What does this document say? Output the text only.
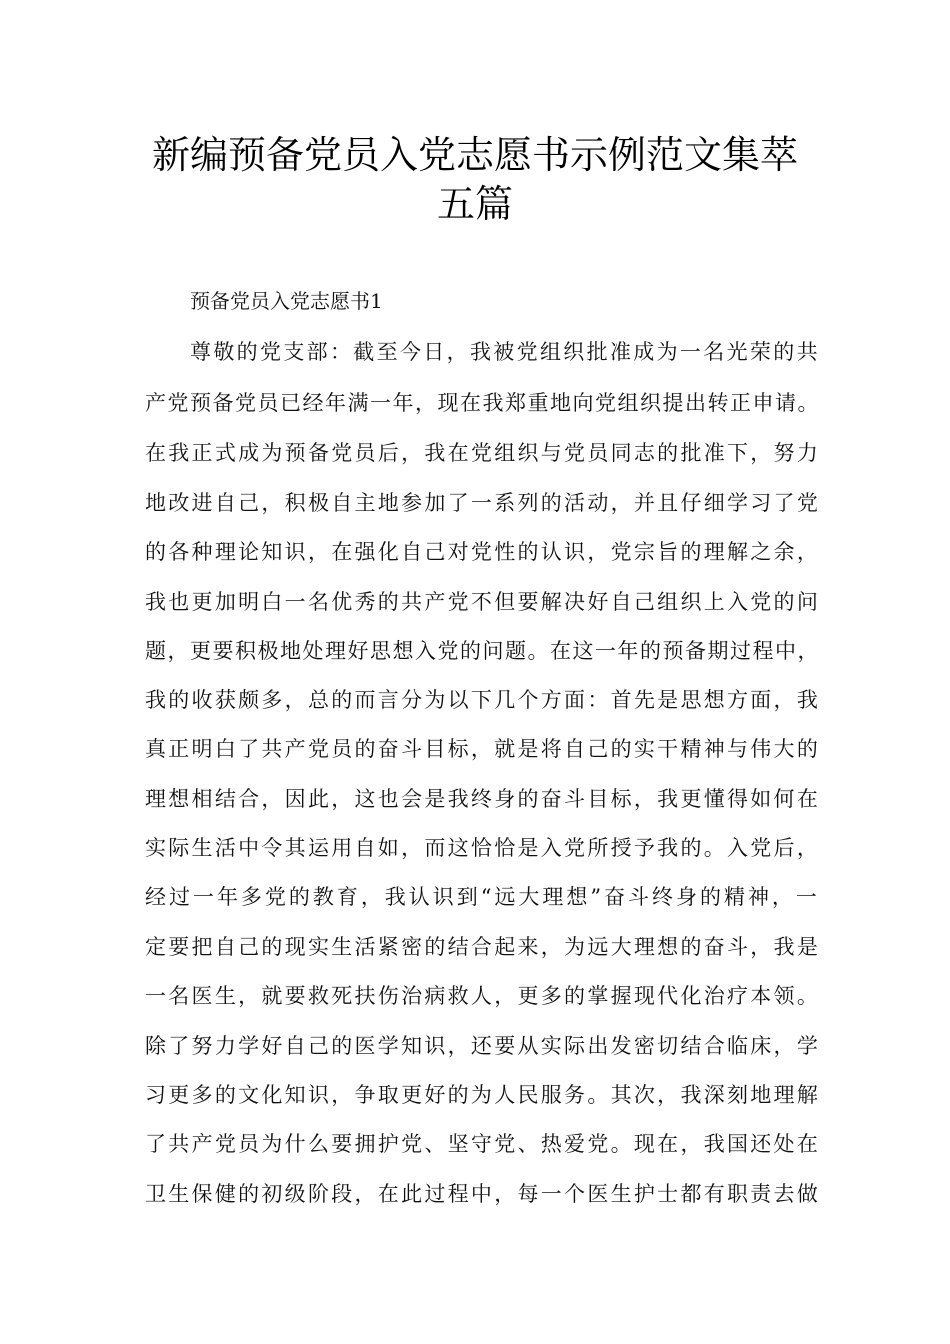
新编预备党员入党志愿书示例范文集萃
五篇

预备党员入党志愿书1

尊敬的党支部：截至今日，我被党组织批准成为一名光荣的共

产党预备党员已经年满一年，现在我郑重地向党组织提出转正申请。

在我正式成为预备党员后，我在党组织与党员同志的批准下，努力

地改进自己，积极自主地参加了一系列的活动，并且仔细学习了党

的各种理论知识，在强化自己对党性的认识，党宗旨的理解之余，

我也更加明白一名优秀的共产党不但要解决好自己组织上入党的问

题，更要积极地处理好思想入党的问题。在这一年的预备期过程中，

我的收获颇多，总的而言分为以下几个方面：首先是思想方面，我

真正明白了共产党员的奋斗目标，就是将自己的实干精神与伟大的

理想相结合，因此，这也会是我终身的奋斗目标，我更懂得如何在

实际生活中令其运用自如，而这恰恰是入党所授予我的。入党后，

经过一年多党的教育，我认识到“远大理想”奋斗终身的精神，一

定要把自己的现实生活紧密的结合起来，为远大理想的奋斗，我是

一名医生，就要救死扶伤治病救人，更多的掌握现代化治疗本领。

除了努力学好自己的医学知识，还要从实际出发密切结合临床，学

习更多的文化知识，争取更好的为人民服务。其次，我深刻地理解

了共产党员为什么要拥护党、坚守党、热爱党。现在，我国还处在

卫生保健的初级阶段，在此过程中，每一个医生护士都有职责去做
